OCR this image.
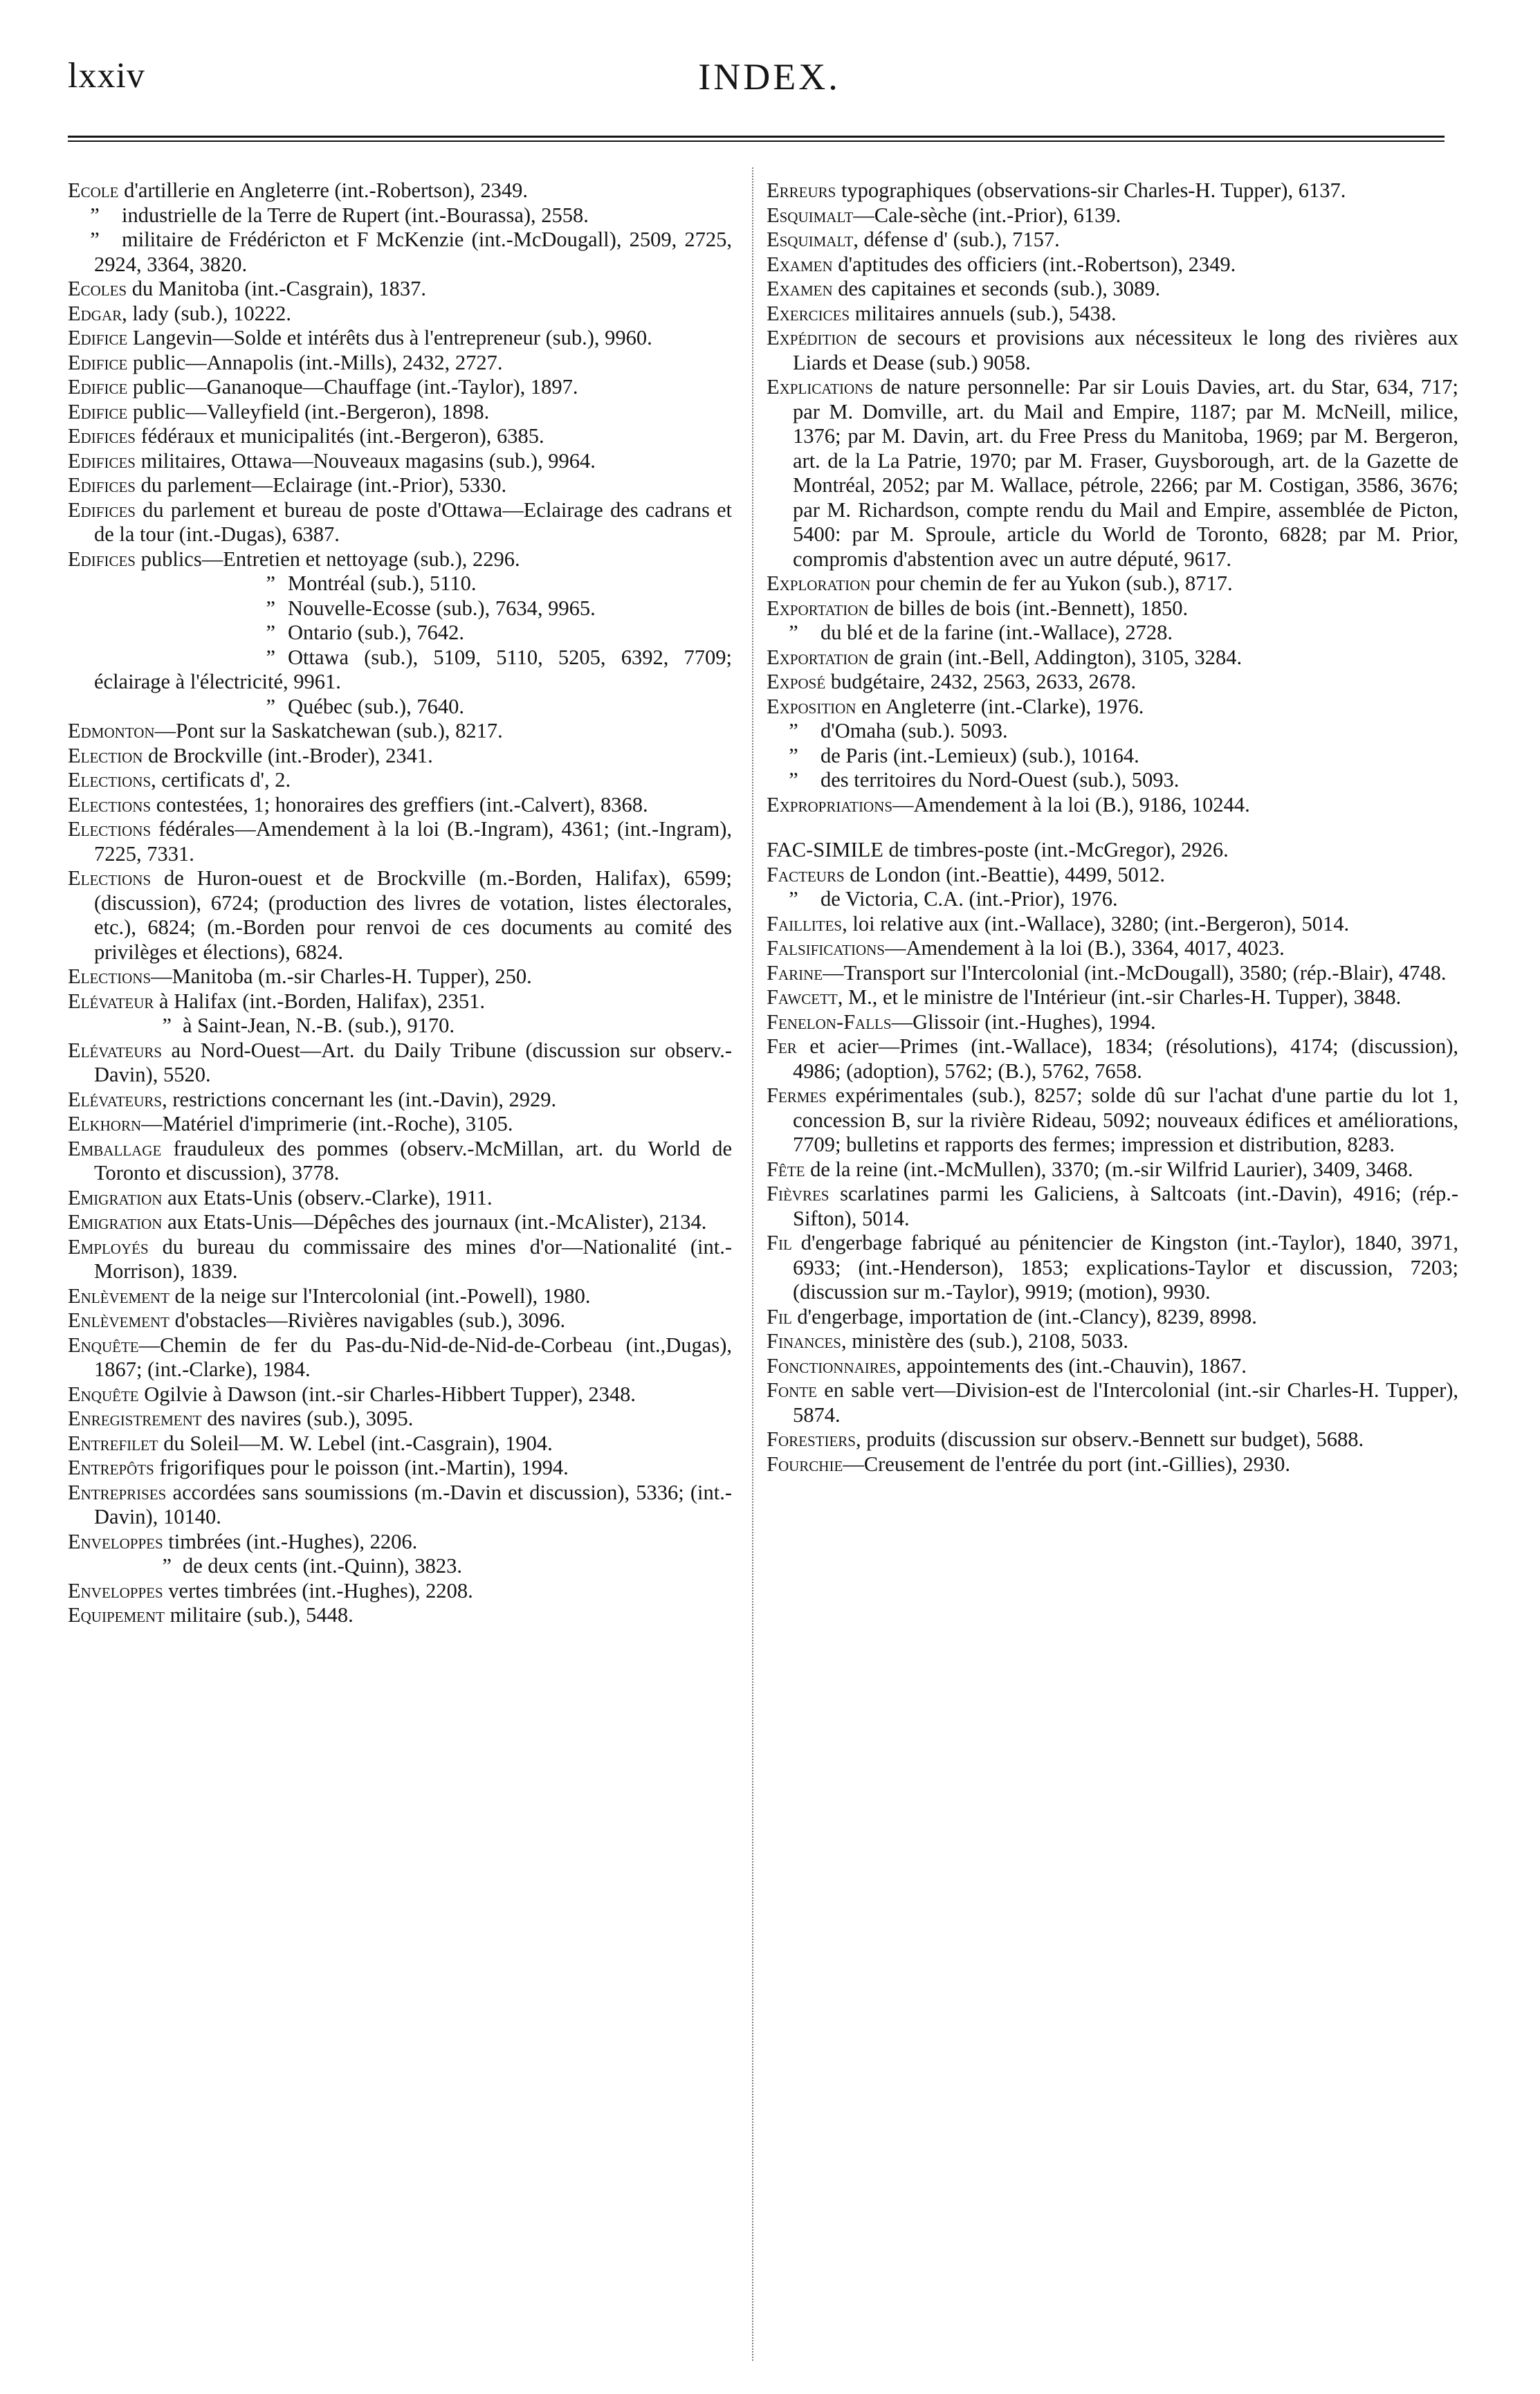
lxxiv	INDEX.

Ecole d'artillerie en Angleterre (int.-Robertson), 2349.

” industrielle de la Terre de Rupert (int.-Bourassa), 2558.

” militaire de Frédéricton et F McKenzie (int.-McDougall), 2509, 2725, 2924, 3364, 3820.

Ecoles du Manitoba (int.-Casgrain), 1837.

Edgar, lady (sub.), 10222.

Edifice Langevin—Solde et intérêts dus à l'entrepreneur (sub.), 9960.

Edifice public—Annapolis (int.-Mills), 2432, 2727.

Edifice public—Gananoque—Chauffage (int.-Taylor), 1897.

Edifice public—Valleyfield (int.-Bergeron), 1898.

Edifices fédéraux et municipalités (int.-Bergeron), 6385.

Edifices militaires, Ottawa—Nouveaux magasins (sub.), 9964.

Edifices du parlement—Eclairage (int.-Prior), 5330.

Edifices du parlement et bureau de poste d'Ottawa—Eclairage des cadrans et de la tour (int.-Dugas), 6387.

Edifices publics—Entretien et nettoyage (sub.), 2296.

” Montréal (sub.), 5110.

” Nouvelle-Ecosse (sub.), 7634, 9965.

” Ontario (sub.), 7642.

” Ottawa (sub.), 5109, 5110, 5205, 6392, 7709; éclairage à l'électricité, 9961.

” Québec (sub.), 7640.

Edmonton—Pont sur la Saskatchewan (sub.), 8217.

Election de Brockville (int.-Broder), 2341.

Elections, certificats d', 2.

Elections contestées, 1; honoraires des greffiers (int.-Calvert), 8368.

Elections fédérales—Amendement à la loi (B.-Ingram), 4361; (int.-Ingram), 7225, 7331.

Elections de Huron-ouest et de Brockville (m.-Borden, Halifax), 6599; (discussion), 6724; (production des livres de votation, listes électorales, etc.), 6824; (m.-Borden pour renvoi de ces documents au comité des privilèges et élections), 6824.

Elections—Manitoba (m.-sir Charles-H. Tupper), 250.

Elévateur à Halifax (int.-Borden, Halifax), 2351.

” à Saint-Jean, N.-B. (sub.), 9170.

Elévateurs au Nord-Ouest—Art. du Daily Tribune (discussion sur observ.-Davin), 5520.

Elévateurs, restrictions concernant les (int.-Davin), 2929.

Elkhorn—Matériel d'imprimerie (int.-Roche), 3105.

Emballage frauduleux des pommes (observ.-McMillan, art. du World de Toronto et discussion), 3778.

Emigration aux Etats-Unis (observ.-Clarke), 1911.

Emigration aux Etats-Unis—Dépêches des journaux (int.-McAlister), 2134.

Employés du bureau du commissaire des mines d'or—Nationalité (int.-Morrison), 1839.

Enlèvement de la neige sur l'Intercolonial (int.-Powell), 1980.

Enlèvement d'obstacles—Rivières navigables (sub.), 3096.

Enquête—Chemin de fer du Pas-du-Nid-de-Nid-de-Corbeau (int.,Dugas), 1867; (int.-Clarke), 1984.

Enquête Ogilvie à Dawson (int.-sir Charles-Hibbert Tupper), 2348.

Enregistrement des navires (sub.), 3095.

Entrefilet du Soleil—M. W. Lebel (int.-Casgrain), 1904.

Entrepôts frigorifiques pour le poisson (int.-Martin), 1994.

Entreprises accordées sans soumissions (m.-Davin et discussion), 5336; (int.-Davin), 10140.

Enveloppes timbrées (int.-Hughes), 2206.

” de deux cents (int.-Quinn), 3823.

Enveloppes vertes timbrées (int.-Hughes), 2208.

Equipement militaire (sub.), 5448.

Erreurs typographiques (observations-sir Charles-H. Tupper), 6137.

Esquimalt—Cale-sèche (int.-Prior), 6139.

Esquimalt, défense d' (sub.), 7157.

Examen d'aptitudes des officiers (int.-Robertson), 2349.

Examen des capitaines et seconds (sub.), 3089.

Exercices militaires annuels (sub.), 5438.

Expédition de secours et provisions aux nécessiteux le long des rivières aux Liards et Dease (sub.) 9058.

Explications de nature personnelle: Par sir Louis Davies, art. du Star, 634, 717; par M. Domville, art. du Mail and Empire, 1187; par M. McNeill, milice, 1376; par M. Davin, art. du Free Press du Manitoba, 1969; par M. Bergeron, art. de la La Patrie, 1970; par M. Fraser, Guysborough, art. de la Gazette de Montréal, 2052; par M. Wallace, pétrole, 2266; par M. Costigan, 3586, 3676; par M. Richardson, compte rendu du Mail and Empire, assemblée de Picton, 5400: par M. Sproule, article du World de Toronto, 6828; par M. Prior, compromis d'abstention avec un autre député, 9617.

Exploration pour chemin de fer au Yukon (sub.), 8717.

Exportation de billes de bois (int.-Bennett), 1850.

” du blé et de la farine (int.-Wallace), 2728.

Exportation de grain (int.-Bell, Addington), 3105, 3284.

Exposé budgétaire, 2432, 2563, 2633, 2678.

Exposition en Angleterre (int.-Clarke), 1976.

” d'Omaha (sub.). 5093.

” de Paris (int.-Lemieux) (sub.), 10164.

” des territoires du Nord-Ouest (sub.), 5093.

Expropriations—Amendement à la loi (B.), 9186, 10244.

FAC-SIMILE de timbres-poste (int.-McGregor), 2926.

Facteurs de London (int.-Beattie), 4499, 5012.

” de Victoria, C.A. (int.-Prior), 1976.

Faillites, loi relative aux (int.-Wallace), 3280; (int.-Bergeron), 5014.

Falsifications—Amendement à la loi (B.), 3364, 4017, 4023.

Farine—Transport sur l'Intercolonial (int.-McDougall), 3580; (rép.-Blair), 4748.

Fawcett, M., et le ministre de l'Intérieur (int.-sir Charles-H. Tupper), 3848.

Fenelon-Falls—Glissoir (int.-Hughes), 1994.

Fer et acier—Primes (int.-Wallace), 1834; (résolutions), 4174; (discussion), 4986; (adoption), 5762; (B.), 5762, 7658.

Fermes expérimentales (sub.), 8257; solde dû sur l'achat d'une partie du lot 1, concession B, sur la rivière Rideau, 5092; nouveaux édifices et améliorations, 7709; bulletins et rapports des fermes; impression et distribution, 8283.

Fête de la reine (int.-McMullen), 3370; (m.-sir Wilfrid Laurier), 3409, 3468.

Fièvres scarlatines parmi les Galiciens, à Saltcoats (int.-Davin), 4916; (rép.-Sifton), 5014.

Fil d'engerbage fabriqué au pénitencier de Kingston (int.-Taylor), 1840, 3971, 6933; (int.-Henderson), 1853; explications-Taylor et discussion, 7203; (discussion sur m.-Taylor), 9919; (motion), 9930.

Fil d'engerbage, importation de (int.-Clancy), 8239, 8998.

Finances, ministère des (sub.), 2108, 5033.

Fonctionnaires, appointements des (int.-Chauvin), 1867.

Fonte en sable vert—Division-est de l'Intercolonial (int.-sir Charles-H. Tupper), 5874.

Forestiers, produits (discussion sur observ.-Bennett sur budget), 5688.

Fourchie—Creusement de l'entrée du port (int.-Gillies), 2930.
